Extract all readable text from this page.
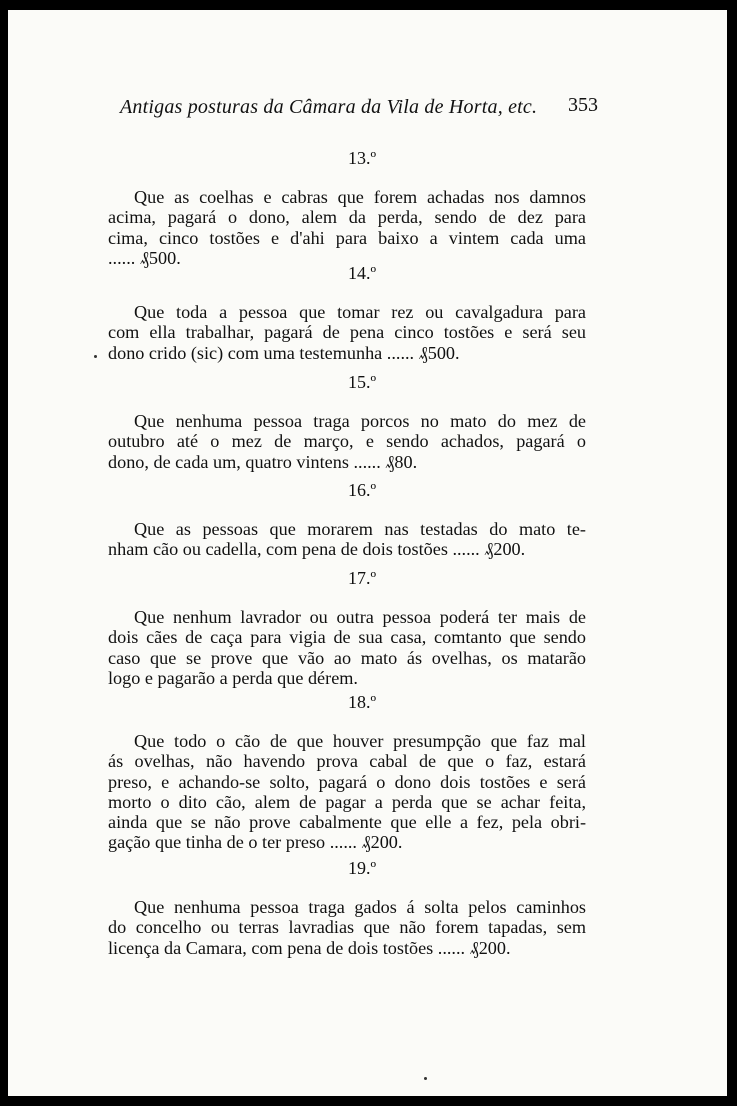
Antigas posturas da Câmara da Vila de Horta, etc. 353
13.º
Que as coelhas e cabras que forem achadas nos damnos
acima, pagará o dono, alem da perda, sendo de dez para
cima, cinco tostões e d'ahi para baixo a vintem cada uma
...... ₰500.
14.º
Que toda a pessoa que tomar rez ou cavalgadura para
com ella trabalhar, pagará de pena cinco tostões e será seu
dono crido (sic) com uma testemunha ...... ₰500.
15.º
Que nenhuma pessoa traga porcos no mato do mez de
outubro até o mez de março, e sendo achados, pagará o
dono, de cada um, quatro vintens ...... ₰80.
16.º
Que as pessoas que morarem nas testadas do mato te-
nham cão ou cadella, com pena de dois tostões ...... ₰200.
17.º
Que nenhum lavrador ou outra pessoa poderá ter mais de
dois cães de caça para vigia de sua casa, comtanto que sendo
caso que se prove que vão ao mato ás ovelhas, os matarão
logo e pagarão a perda que dérem.
18.º
Que todo o cão de que houver presumpção que faz mal
ás ovelhas, não havendo prova cabal de que o faz, estará
preso, e achando-se solto, pagará o dono dois tostões e será
morto o dito cão, alem de pagar a perda que se achar feita,
ainda que se não prove cabalmente que elle a fez, pela obri-
gação que tinha de o ter preso ...... ₰200.
19.º
Que nenhuma pessoa traga gados á solta pelos caminhos
do concelho ou terras lavradias que não forem tapadas, sem
licença da Camara, com pena de dois tostões ...... ₰200.
